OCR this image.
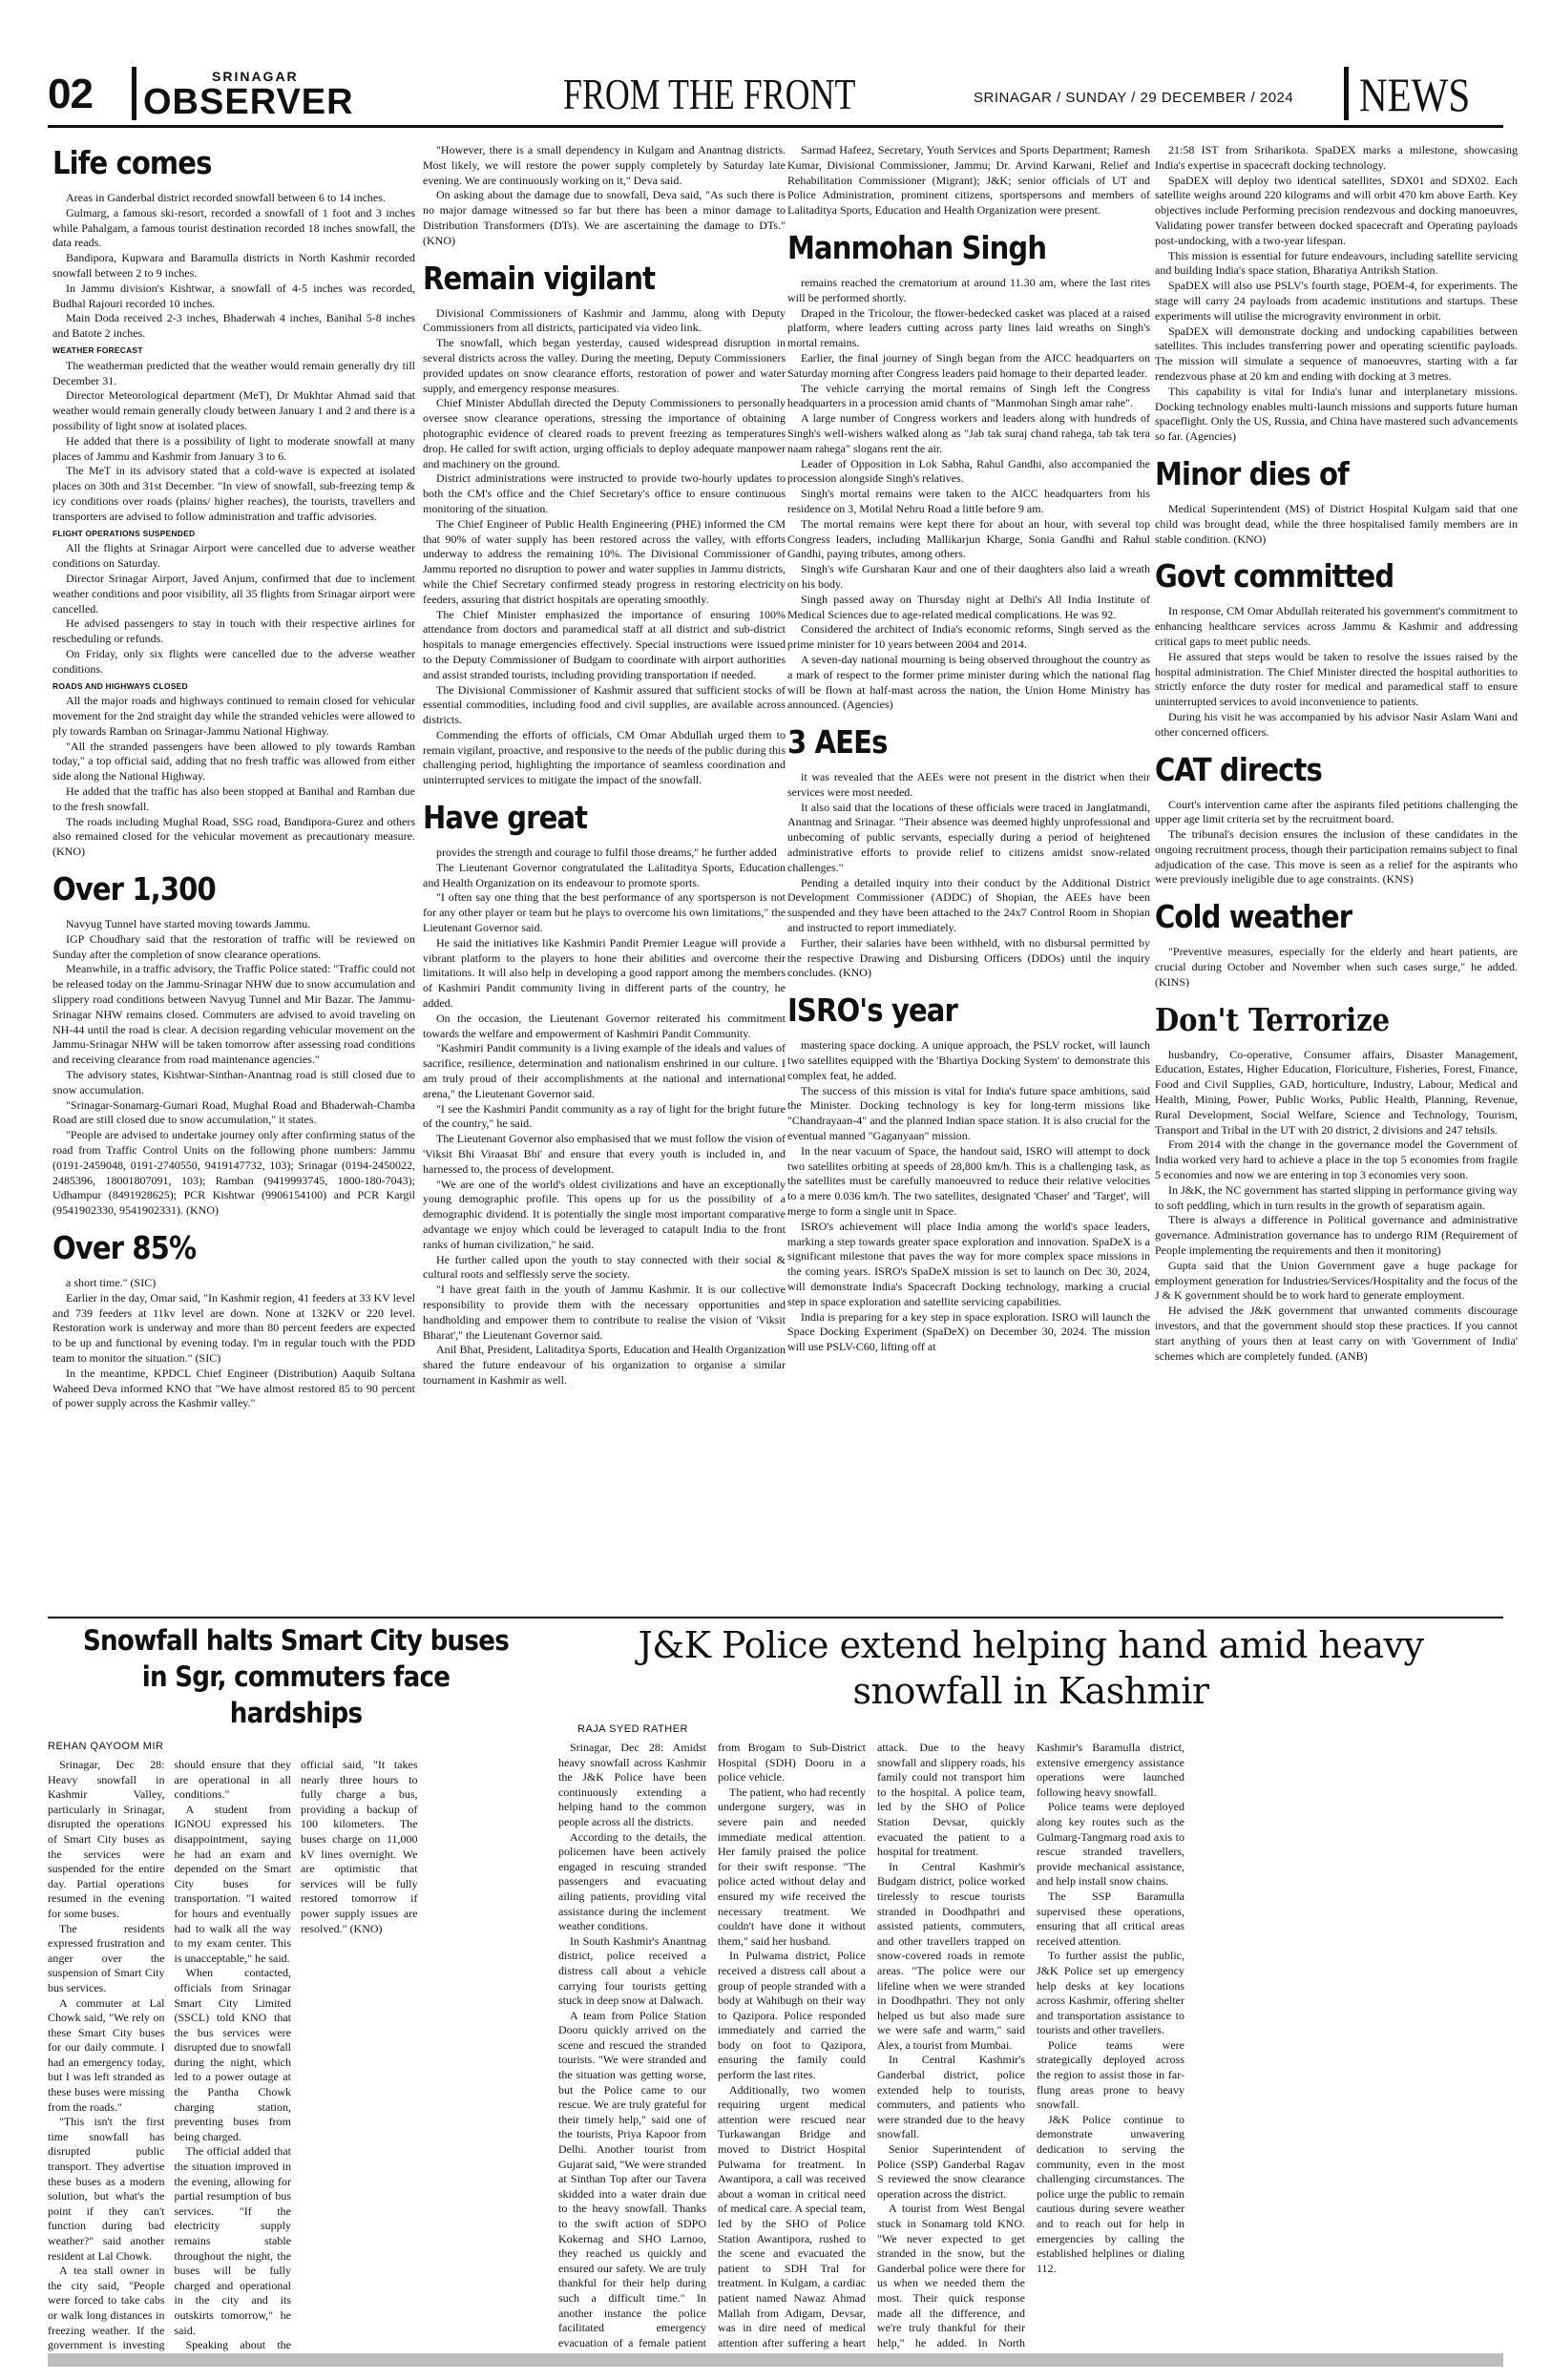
02	SRINAGAR
OBSERVER	FROM THE FRONT	SRINAGAR / SUNDAY / 29 DECEMBER / 2024 NEWS
Life comes

Areas in Ganderbal district recorded snowfall between 6 to 14 inches.

Gulmarg, a famous ski-resort, recorded a snowfall of 1 foot and 3 inches while Pahalgam, a famous tourist destination recorded 18 inches snowfall, the data reads.

Bandipora, Kupwara and Baramulla districts in North Kashmir recorded snowfall between 2 to 9 inches.

In Jammu division's Kishtwar, a snowfall of 4-5 inches was recorded, Budhal Rajouri recorded 10 inches.

Main Doda received 2-3 inches, Bhaderwah 4 inches, Banihal 5-8 inches and Batote 2 inches.

WEATHER FORECAST

The weatherman predicted that the weather would remain generally dry till December 31.

Director Meteorological department (MeT), Dr Mukhtar Ahmad said that weather would remain generally cloudy between January 1 and 2 and there is a possibility of light snow at isolated places.

He added that there is a possibility of light to moderate snowfall at many places of Jammu and Kashmir from January 3 to 6.

The MeT in its advisory stated that a cold-wave is expected at isolated places on 30th and 31st December. "In view of snowfall, sub-freezing temp & icy conditions over roads (plains/ higher reaches), the tourists, travellers and transporters are advised to follow administration and traffic advisories.

FLIGHT OPERATIONS SUSPENDED

All the flights at Srinagar Airport were cancelled due to adverse weather conditions on Saturday.

Director Srinagar Airport, Javed Anjum, confirmed that due to inclement weather conditions and poor visibility, all 35 flights from Srinagar airport were cancelled.

He advised passengers to stay in touch with their respective airlines for rescheduling or refunds.

On Friday, only six flights were cancelled due to the adverse weather conditions.

ROADS AND HIGHWAYS CLOSED

All the major roads and highways continued to remain closed for vehicular movement for the 2nd straight day while the stranded vehicles were allowed to ply towards Ramban on Srinagar-Jammu National Highway.

"All the stranded passengers have been allowed to ply towards Ramban today," a top official said, adding that no fresh traffic was allowed from either side along the National Highway.

He added that the traffic has also been stopped at Banihal and Ramban due to the fresh snowfall.

The roads including Mughal Road, SSG road, Bandipora-Gurez and others also remained closed for the vehicular movement as precautionary measure. (KNO)

Over 1,300

Navyug Tunnel have started moving towards Jammu.

IGP Choudhary said that the restoration of traffic will be reviewed on Sunday after the completion of snow clearance operations.

Meanwhile, in a traffic advisory, the Traffic Police stated: "Traffic could not be released today on the Jammu-Srinagar NHW due to snow accumulation and slippery road conditions between Navyug Tunnel and Mir Bazar. The Jammu-Srinagar NHW remains closed. Commuters are advised to avoid traveling on NH-44 until the road is clear. A decision regarding vehicular movement on the Jammu-Srinagar NHW will be taken tomorrow after assessing road conditions and receiving clearance from road maintenance agencies."

The advisory states, Kishtwar-Sinthan-Anantnag road is still closed due to snow accumulation.

"Srinagar-Sonamarg-Gumari Road, Mughal Road and Bhaderwah-Chamba Road are still closed due to snow accumulation," it states.

"People are advised to undertake journey only after confirming status of the road from Traffic Control Units on the following phone numbers: Jammu (0191-2459048, 0191-2740550, 9419147732, 103); Srinagar (0194-2450022, 2485396, 18001807091, 103); Ramban (9419993745, 1800-180-7043); Udhampur (8491928625); PCR Kishtwar (9906154100) and PCR Kargil (9541902330, 9541902331). (KNO)

Over 85%

a short time." (SIC)

Earlier in the day, Omar said, "In Kashmir region, 41 feeders at 33 KV level and 739 feeders at 11kv level are down. None at 132KV or 220 level. Restoration work is underway and more than 80 percent feeders are expected to be up and functional by evening today. I'm in regular touch with the PDD team to monitor the situation." (SIC)

In the meantime, KPDCL Chief Engineer (Distribution) Aaquib Sultana Waheed Deva informed KNO that "We have almost restored 85 to 90 percent of power supply across the Kashmir valley."

"However, there is a small dependency in Kulgam and Anantnag districts. Most likely, we will restore the power supply completely by Saturday late evening. We are continuously working on it," Deva said.

On asking about the damage due to snowfall, Deva said, "As such there is no major damage witnessed so far but there has been a minor damage to Distribution Transformers (DTs). We are ascertaining the damage to DTs." (KNO)

Remain vigilant

Divisional Commissioners of Kashmir and Jammu, along with Deputy Commissioners from all districts, participated via video link.

The snowfall, which began yesterday, caused widespread disruption in several districts across the valley. During the meeting, Deputy Commissioners provided updates on snow clearance efforts, restoration of power and water supply, and emergency response measures.

Chief Minister Abdullah directed the Deputy Commissioners to personally oversee snow clearance operations, stressing the importance of obtaining photographic evidence of cleared roads to prevent freezing as temperatures drop. He called for swift action, urging officials to deploy adequate manpower and machinery on the ground.

District administrations were instructed to provide two-hourly updates to both the CM's office and the Chief Secretary's office to ensure continuous monitoring of the situation.

The Chief Engineer of Public Health Engineering (PHE) informed the CM that 90% of water supply has been restored across the valley, with efforts underway to address the remaining 10%. The Divisional Commissioner of Jammu reported no disruption to power and water supplies in Jammu districts, while the Chief Secretary confirmed steady progress in restoring electricity feeders, assuring that district hospitals are operating smoothly.

The Chief Minister emphasized the importance of ensuring 100% attendance from doctors and paramedical staff at all district and sub-district hospitals to manage emergencies effectively. Special instructions were issued to the Deputy Commissioner of Budgam to coordinate with airport authorities and assist stranded tourists, including providing transportation if needed.

The Divisional Commissioner of Kashmir assured that sufficient stocks of essential commodities, including food and civil supplies, are available across districts.

Commending the efforts of officials, CM Omar Abdullah urged them to remain vigilant, proactive, and responsive to the needs of the public during this challenging period, highlighting the importance of seamless coordination and uninterrupted services to mitigate the impact of the snowfall.

Have great

provides the strength and courage to fulfil those dreams," he further added

The Lieutenant Governor congratulated the Lalitaditya Sports, Education and Health Organization on its endeavour to promote sports.

"I often say one thing that the best performance of any sportsperson is not for any other player or team but he plays to overcome his own limitations," the Lieutenant Governor said.

He said the initiatives like Kashmiri Pandit Premier League will provide a vibrant platform to the players to hone their abilities and overcome their limitations. It will also help in developing a good rapport among the members of Kashmiri Pandit community living in different parts of the country, he added.

On the occasion, the Lieutenant Governor reiterated his commitment towards the welfare and empowerment of Kashmiri Pandit Community.

"Kashmiri Pandit community is a living example of the ideals and values of sacrifice, resilience, determination and nationalism enshrined in our culture. I am truly proud of their accomplishments at the national and international arena," the Lieutenant Governor said.

"I see the Kashmiri Pandit community as a ray of light for the bright future of the country," he said.

The Lieutenant Governor also emphasised that we must follow the vision of 'Viksit Bhi Viraasat Bhi' and ensure that every youth is included in, and harnessed to, the process of development.

"We are one of the world's oldest civilizations and have an exceptionally young demographic profile. This opens up for us the possibility of a demographic dividend. It is potentially the single most important comparative advantage we enjoy which could be leveraged to catapult India to the front ranks of human civilization," he said.

He further called upon the youth to stay connected with their social & cultural roots and selflessly serve the society.

"I have great faith in the youth of Jammu Kashmir. It is our collective responsibility to provide them with the necessary opportunities and handholding and empower them to contribute to realise the vision of 'Viksit Bharat'," the Lieutenant Governor said.

Anil Bhat, President, Lalitaditya Sports, Education and Health Organization shared the future endeavour of his organization to organise a similar tournament in Kashmir as well.

Sarmad Hafeez, Secretary, Youth Services and Sports Department; Ramesh Kumar, Divisional Commissioner, Jammu; Dr. Arvind Karwani, Relief and Rehabilitation Commissioner (Migrant); J&K; senior officials of UT and Police Administration, prominent citizens, sportspersons and members of Lalitaditya Sports, Education and Health Organization were present.

Manmohan Singh

remains reached the crematorium at around 11.30 am, where the last rites will be performed shortly.

Draped in the Tricolour, the flower-bedecked casket was placed at a raised platform, where leaders cutting across party lines laid wreaths on Singh's mortal remains.

Earlier, the final journey of Singh began from the AICC headquarters on Saturday morning after Congress leaders paid homage to their departed leader.

The vehicle carrying the mortal remains of Singh left the Congress headquarters in a procession amid chants of "Manmohan Singh amar rahe".

A large number of Congress workers and leaders along with hundreds of Singh's well-wishers walked along as "Jab tak suraj chand rahega, tab tak tera naam rahega" slogans rent the air.

Leader of Opposition in Lok Sabha, Rahul Gandhi, also accompanied the procession alongside Singh's relatives.

Singh's mortal remains were taken to the AICC headquarters from his residence on 3, Motilal Nehru Road a little before 9 am.

The mortal remains were kept there for about an hour, with several top Congress leaders, including Mallikarjun Kharge, Sonia Gandhi and Rahul Gandhi, paying tributes, among others.

Singh's wife Gursharan Kaur and one of their daughters also laid a wreath on his body.

Singh passed away on Thursday night at Delhi's All India Institute of Medical Sciences due to age-related medical complications. He was 92.

Considered the architect of India's economic reforms, Singh served as the prime minister for 10 years between 2004 and 2014.

A seven-day national mourning is being observed throughout the country as a mark of respect to the former prime minister during which the national flag will be flown at half-mast across the nation, the Union Home Ministry has announced. (Agencies)

3 AEEs

it was revealed that the AEEs were not present in the district when their services were most needed.

It also said that the locations of these officials were traced in Janglatmandi, Anantnag and Srinagar. "Their absence was deemed highly unprofessional and unbecoming of public servants, especially during a period of heightened administrative efforts to provide relief to citizens amidst snow-related challenges."

Pending a detailed inquiry into their conduct by the Additional District Development Commissioner (ADDC) of Shopian, the AEEs have been suspended and they have been attached to the 24x7 Control Room in Shopian and instructed to report immediately.

Further, their salaries have been withheld, with no disbursal permitted by the respective Drawing and Disbursing Officers (DDOs) until the inquiry concludes. (KNO)

ISRO's year

mastering space docking. A unique approach, the PSLV rocket, will launch two satellites equipped with the 'Bhartiya Docking System' to demonstrate this complex feat, he added.

The success of this mission is vital for India's future space ambitions, said the Minister. Docking technology is key for long-term missions like "Chandrayaan-4" and the planned Indian space station. It is also crucial for the eventual manned "Gaganyaan" mission.

In the near vacuum of Space, the handout said, ISRO will attempt to dock two satellites orbiting at speeds of 28,800 km/h. This is a challenging task, as the satellites must be carefully manoeuvred to reduce their relative velocities to a mere 0.036 km/h. The two satellites, designated 'Chaser' and 'Target', will merge to form a single unit in Space.

ISRO's achievement will place India among the world's space leaders, marking a step towards greater space exploration and innovation. SpaDeX is a significant milestone that paves the way for more complex space missions in the coming years. ISRO's SpaDeX mission is set to launch on Dec 30, 2024, will demonstrate India's Spacecraft Docking technology, marking a crucial step in space exploration and satellite servicing capabilities.

India is preparing for a key step in space exploration. ISRO will launch the Space Docking Experiment (SpaDeX) on December 30, 2024. The mission will use PSLV-C60, lifting off at

21:58 IST from Sriharikota. SpaDEX marks a milestone, showcasing India's expertise in spacecraft docking technology.

SpaDEX will deploy two identical satellites, SDX01 and SDX02. Each satellite weighs around 220 kilograms and will orbit 470 km above Earth. Key objectives include Performing precision rendezvous and docking manoeuvres, Validating power transfer between docked spacecraft and Operating payloads post-undocking, with a two-year lifespan.

This mission is essential for future endeavours, including satellite servicing and building India's space station, Bharatiya Antriksh Station.

SpaDEX will also use PSLV's fourth stage, POEM-4, for experiments. The stage will carry 24 payloads from academic institutions and startups. These experiments will utilise the microgravity environment in orbit.

SpaDEX will demonstrate docking and undocking capabilities between satellites. This includes transferring power and operating scientific payloads. The mission will simulate a sequence of manoeuvres, starting with a far rendezvous phase at 20 km and ending with docking at 3 metres.

This capability is vital for India's lunar and interplanetary missions. Docking technology enables multi-launch missions and supports future human spaceflight. Only the US, Russia, and China have mastered such advancements so far. (Agencies)

Minor dies of

Medical Superintendent (MS) of District Hospital Kulgam said that one child was brought dead, while the three hospitalised family members are in stable condition. (KNO)

Govt committed

In response, CM Omar Abdullah reiterated his government's commitment to enhancing healthcare services across Jammu & Kashmir and addressing critical gaps to meet public needs.

He assured that steps would be taken to resolve the issues raised by the hospital administration. The Chief Minister directed the hospital authorities to strictly enforce the duty roster for medical and paramedical staff to ensure uninterrupted services to avoid inconvenience to patients.

During his visit he was accompanied by his advisor Nasir Aslam Wani and other concerned officers.

CAT directs

Court's intervention came after the aspirants filed petitions challenging the upper age limit criteria set by the recruitment board.

The tribunal's decision ensures the inclusion of these candidates in the ongoing recruitment process, though their participation remains subject to final adjudication of the case. This move is seen as a relief for the aspirants who were previously ineligible due to age constraints. (KNS)

Cold weather

"Preventive measures, especially for the elderly and heart patients, are crucial during October and November when such cases surge," he added. (KINS)

Don't Terrorize

husbandry, Co-operative, Consumer affairs, Disaster Management, Education, Estates, Higher Education, Floriculture, Fisheries, Forest, Finance, Food and Civil Supplies, GAD, horticulture, Industry, Labour, Medical and Health, Mining, Power, Public Works, Public Health, Planning, Revenue, Rural Development, Social Welfare, Science and Technology, Tourism, Transport and Tribal in the UT with 20 district, 2 divisions and 247 tehsils.

From 2014 with the change in the governance model the Government of India worked very hard to achieve a place in the top 5 economies from fragile 5 economies and now we are entering in top 3 economies very soon.

In J&K, the NC government has started slipping in performance giving way to soft peddling, which in turn results in the growth of separatism again.

There is always a difference in Political governance and administrative governance. Administration governance has to undergo RIM (Requirement of People implementing the requirements and then it monitoring)

Gupta said that the Union Government gave a huge package for employment generation for Industries/Services/Hospitality and the focus of the J & K government should be to work hard to generate employment.

He advised the J&K government that unwanted comments discourage investors, and that the government should stop these practices. If you cannot start anything of yours then at least carry on with 'Government of India' schemes which are completely funded. (ANB)

Snowfall halts Smart City buses in Sgr, commuters face hardships
REHAN QAYOOM MIR

Srinagar, Dec 28: Heavy snowfall in Kashmir Valley, particularly in Srinagar, disrupted the operations of Smart City buses as the services were suspended for the entire day. Partial operations resumed in the evening for some buses.

The residents expressed frustration and anger over the suspension of Smart City bus services.

A commuter at Lal Chowk said, "We rely on these Smart City buses for our daily commute. I had an emergency today, but I was left stranded as these buses were missing from the roads."

"This isn't the first time snowfall has disrupted public transport. They advertise these buses as a modern solution, but what's the point if they can't function during bad weather?" said another resident at Lal Chowk.

A tea stall owner in the city said, "People were forced to take cabs or walk long distances in freezing weather. If the government is investing should ensure that they are operational in all conditions."

A student from IGNOU expressed his disappointment, saying he had an exam and depended on the Smart City buses for transportation. "I waited for hours and eventually had to walk all the way to my exam center. This is unacceptable," he said.

When contacted, officials from Srinagar Smart City Limited (SSCL) told KNO that the bus services were disrupted due to snowfall during the night, which led to a power outage at the Pantha Chowk charging station, preventing buses from being charged.

The official added that the situation improved in the evening, allowing for partial resumption of bus services. "If the electricity supply remains stable throughout the night, the buses will be fully charged and operational in the city and its outskirts tomorrow," he said.

Speaking about the official said, "It takes nearly three hours to fully charge a bus, providing a backup of 100 kilometers. The buses charge on 11,000 kV lines overnight. We are optimistic that services will be fully restored tomorrow if power supply issues are resolved." (KNO)

J&K Police extend helping hand amid heavy snowfall in Kashmir
RAJA SYED RATHER

Srinagar, Dec 28: Amidst heavy snowfall across Kashmir the J&K Police have been continuously extending a helping hand to the common people across all the districts.

According to the details, the policemen have been actively engaged in rescuing stranded passengers and evacuating ailing patients, providing vital assistance during the inclement weather conditions.

In South Kashmir's Anantnag district, police received a distress call about a vehicle carrying four tourists getting stuck in deep snow at Dalwach.

A team from Police Station Dooru quickly arrived on the scene and rescued the stranded tourists. "We were stranded and the situation was getting worse, but the Police came to our rescue. We are truly grateful for their timely help," said one of the tourists, Priya Kapoor from Delhi. Another tourist from Gujarat said, "We were stranded at Sinthan Top after our Tavera skidded into a water drain due to the heavy snowfall. Thanks to the swift action of SDPO Kokernag and SHO Larnoo, they reached us quickly and ensured our safety. We are truly thankful for their help during such a difficult time." In another instance the police facilitated emergency evacuation of a female patient from Brogam to Sub-District Hospital (SDH) Dooru in a police vehicle.

The patient, who had recently undergone surgery, was in severe pain and needed immediate medical attention. Her family praised the police for their swift response. "The police acted without delay and ensured my wife received the necessary treatment. We couldn't have done it without them," said her husband.

In Pulwama district, Police received a distress call about a group of people stranded with a body at Wahibugh on their way to Qazipora. Police responded immediately and carried the body on foot to Qazipora, ensuring the family could perform the last rites.

Additionally, two women requiring urgent medical attention were rescued near Turkawangan Bridge and moved to District Hospital Pulwama for treatment. In Awantipora, a call was received about a woman in critical need of medical care. A special team, led by the SHO of Police Station Awantipora, rushed to the scene and evacuated the patient to SDH Tral for treatment. In Kulgam, a cardiac patient named Nawaz Ahmad Mallah from Adigam, Devsar, was in dire need of medical attention after suffering a heart attack. Due to the heavy snowfall and slippery roads, his family could not transport him to the hospital. A police team, led by the SHO of Police Station Devsar, quickly evacuated the patient to a hospital for treatment.

In Central Kashmir's Budgam district, police worked tirelessly to rescue tourists stranded in Doodhpathri and assisted patients, commuters, and other travellers trapped on snow-covered roads in remote areas. "The police were our lifeline when we were stranded in Doodhpathri. They not only helped us but also made sure we were safe and warm," said Alex, a tourist from Mumbai.

In Central Kashmir's Ganderbal district, police extended help to tourists, commuters, and patients who were stranded due to the heavy snowfall.

Senior Superintendent of Police (SSP) Ganderbal Ragav S reviewed the snow clearance operation across the district.

A tourist from West Bengal stuck in Sonamarg told KNO. "We never expected to get stranded in the snow, but the Ganderbal police were there for us when we needed them the most. Their quick response made all the difference, and we're truly thankful for their help," he added. In North Kashmir's Baramulla district, extensive emergency assistance operations were launched following heavy snowfall.

Police teams were deployed along key routes such as the Gulmarg-Tangmarg road axis to rescue stranded travellers, provide mechanical assistance, and help install snow chains.

The SSP Baramulla supervised these operations, ensuring that all critical areas received attention.

To further assist the public, J&K Police set up emergency help desks at key locations across Kashmir, offering shelter and transportation assistance to tourists and other travellers.

Police teams were strategically deployed across the region to assist those in far-flung areas prone to heavy snowfall.

J&K Police continue to demonstrate unwavering dedication to serving the community, even in the most challenging circumstances. The police urge the public to remain cautious during severe weather and to reach out for help in emergencies by calling the established helplines or dialing 112.
